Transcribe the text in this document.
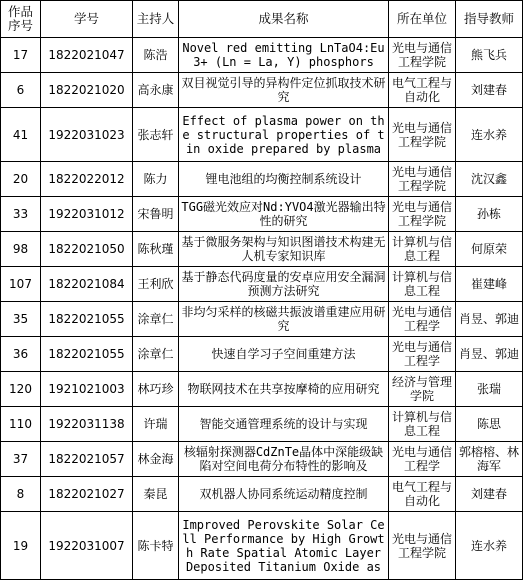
作品序号	学号	主持人	成果名称	所在单位	指导教师
17	1822021047	陈浩	Novel red emitting LnTaO4:Eu3+ (Ln = La, Y) phosphors	光电与通信工程学院	熊飞兵
6	1822021020	高永康	双目视觉引导的异构件定位抓取技术研究	电气工程与自动化	刘建春
41	1922031023	张志轩	Effect of plasma power on the structural properties of tin oxide prepared by plasma	光电与通信工程学院	连水养
20	1822022012	陈力	锂电池组的均衡控制系统设计	光电与通信工程学院	沈汉鑫
33	1922031012	宋鲁明	TGG磁光效应对Nd:YVO4激光器输出特性的研究	光电与通信工程学院	孙栋
98	1822021050	陈秋瑾	基于微服务架构与知识图谱技术构建无人机专家知识库	计算机与信息工程	何原荣
107	1822021084	王利欣	基于静态代码度量的安卓应用安全漏洞预测方法研究	计算机与信息工程	崔建峰
35	1822021055	涂章仁	非均匀采样的核磁共振波谱重建应用研究	光电与通信工程学	肖昱、郭迪
36	1822021055	涂章仁	快速自学习子空间重建方法	光电与通信工程学	肖昱、郭迪
120	1921021003	林巧珍	物联网技术在共享按摩椅的应用研究	经济与管理学院	张瑞
110	1922031138	许瑞	智能交通管理系统的设计与实现	计算机与信息工程	陈思
37	1822021057	林金海	核辐射探测器CdZnTe晶体中深能级缺陷对空间电荷分布特性的影响及	光电与通信工程学	郭榕榕、林海军
8	1822021027	秦昆	双机器人协同系统运动精度控制	电气工程与自动化	刘建春
19	1922031007	陈卡特	Improved Perovskite Solar Cell Performance by High Growth Rate Spatial Atomic Layer Deposited Titanium Oxide as	光电与通信工程学院	连水养
